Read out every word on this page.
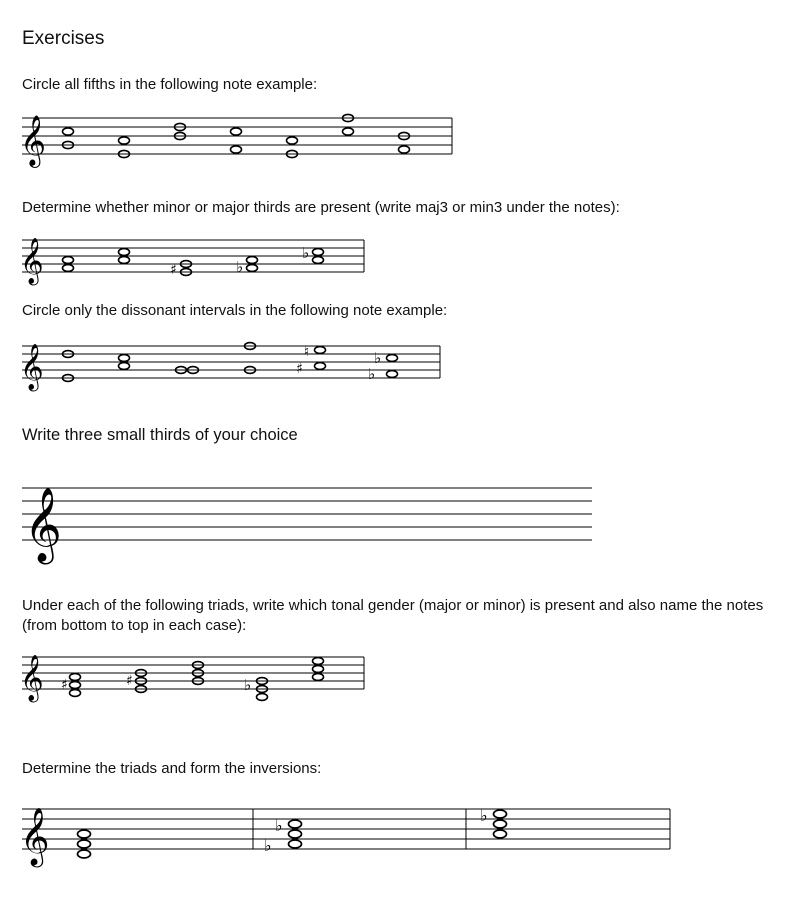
Exercises

Circle all fifths in the following note example:

𝄞

Determine whether minor or major thirds are present (write maj3 or min3 under the notes):

𝄞	♯	♭
♭

Circle only the dissonant intervals in the following note example:

𝄞	♮
♯
♭
♭

Write three small thirds of your choice

𝄞

Under each of the following triads, write which tonal gender (major or minor) is present and also name the notes (from bottom to top in each case):

𝄞 ♯	♯	♭

Determine the triads and form the inversions:

𝄞	♭
♭
♭
